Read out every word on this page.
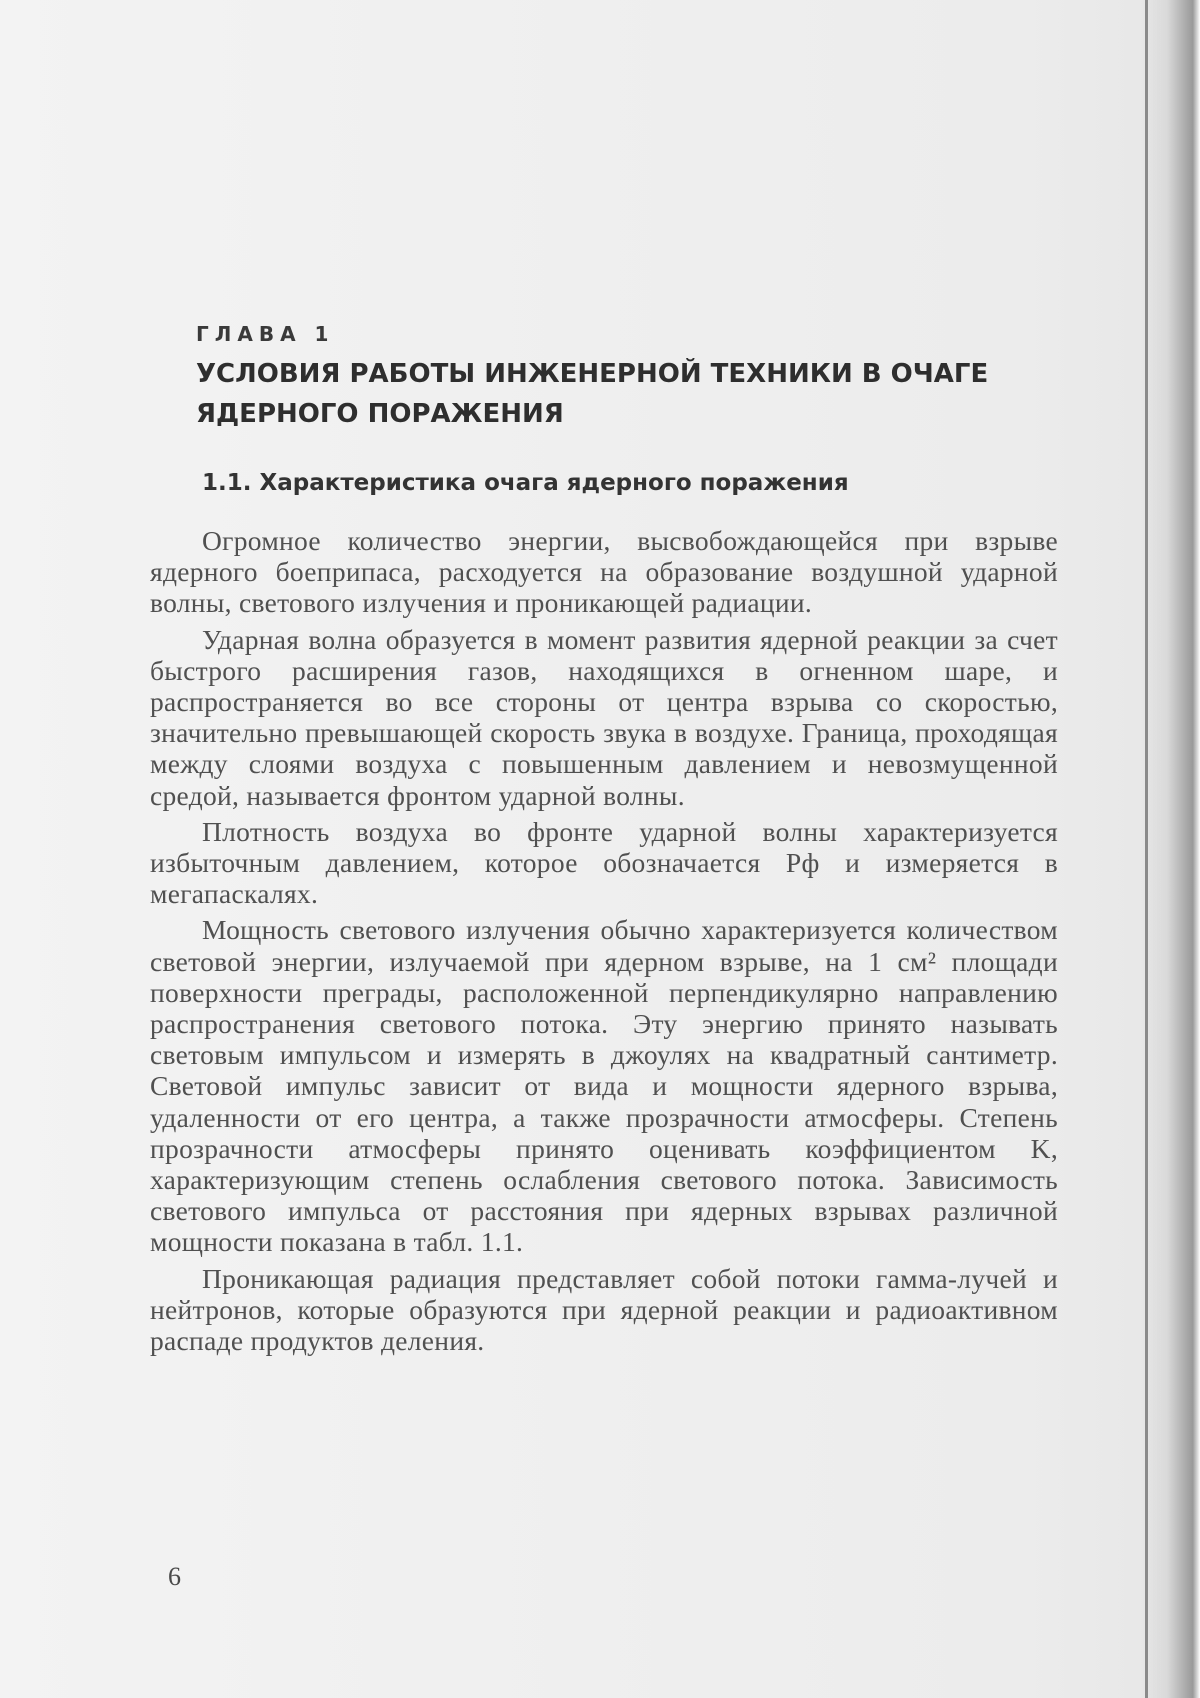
ГЛАВА 1
УСЛОВИЯ РАБОТЫ ИНЖЕНЕРНОЙ ТЕХНИКИ В ОЧАГЕ ЯДЕРНОГО ПОРАЖЕНИЯ
1.1. Характеристика очага ядерного поражения

Огромное количество энергии, высвобождающейся при взрыве ядерного боеприпаса, расходуется на образование воздушной ударной волны, светового излучения и проникающей радиации.

Ударная волна образуется в момент развития ядерной реакции за счет быстрого расширения газов, находящихся в огненном шаре, и распространяется во все стороны от центра взрыва со скоростью, значительно превышающей скорость звука в воздухе. Граница, проходящая между слоями воздуха с повышенным давлением и невозмущенной средой, называется фронтом ударной волны.

Плотность воздуха во фронте ударной волны характеризуется избыточным давлением, которое обозначается Pф и измеряется в мегапаскалях.

Мощность светового излучения обычно характеризуется количеством световой энергии, излучаемой при ядерном взрыве, на 1 см² площади поверхности преграды, расположенной перпендикулярно направлению распространения светового потока. Эту энергию принято называть световым импульсом и измерять в джоулях на квадратный сантиметр. Световой импульс зависит от вида и мощности ядерного взрыва, удаленности от его центра, а также прозрачности атмосферы. Степень прозрачности атмосферы принято оценивать коэффициентом K, характеризующим степень ослабления светового потока. Зависимость светового импульса от расстояния при ядерных взрывах различной мощности показана в табл. 1.1.

Проникающая радиация представляет собой потоки гамма-лучей и нейтронов, которые образуются при ядерной реакции и радиоактивном распаде продуктов деления.

6
